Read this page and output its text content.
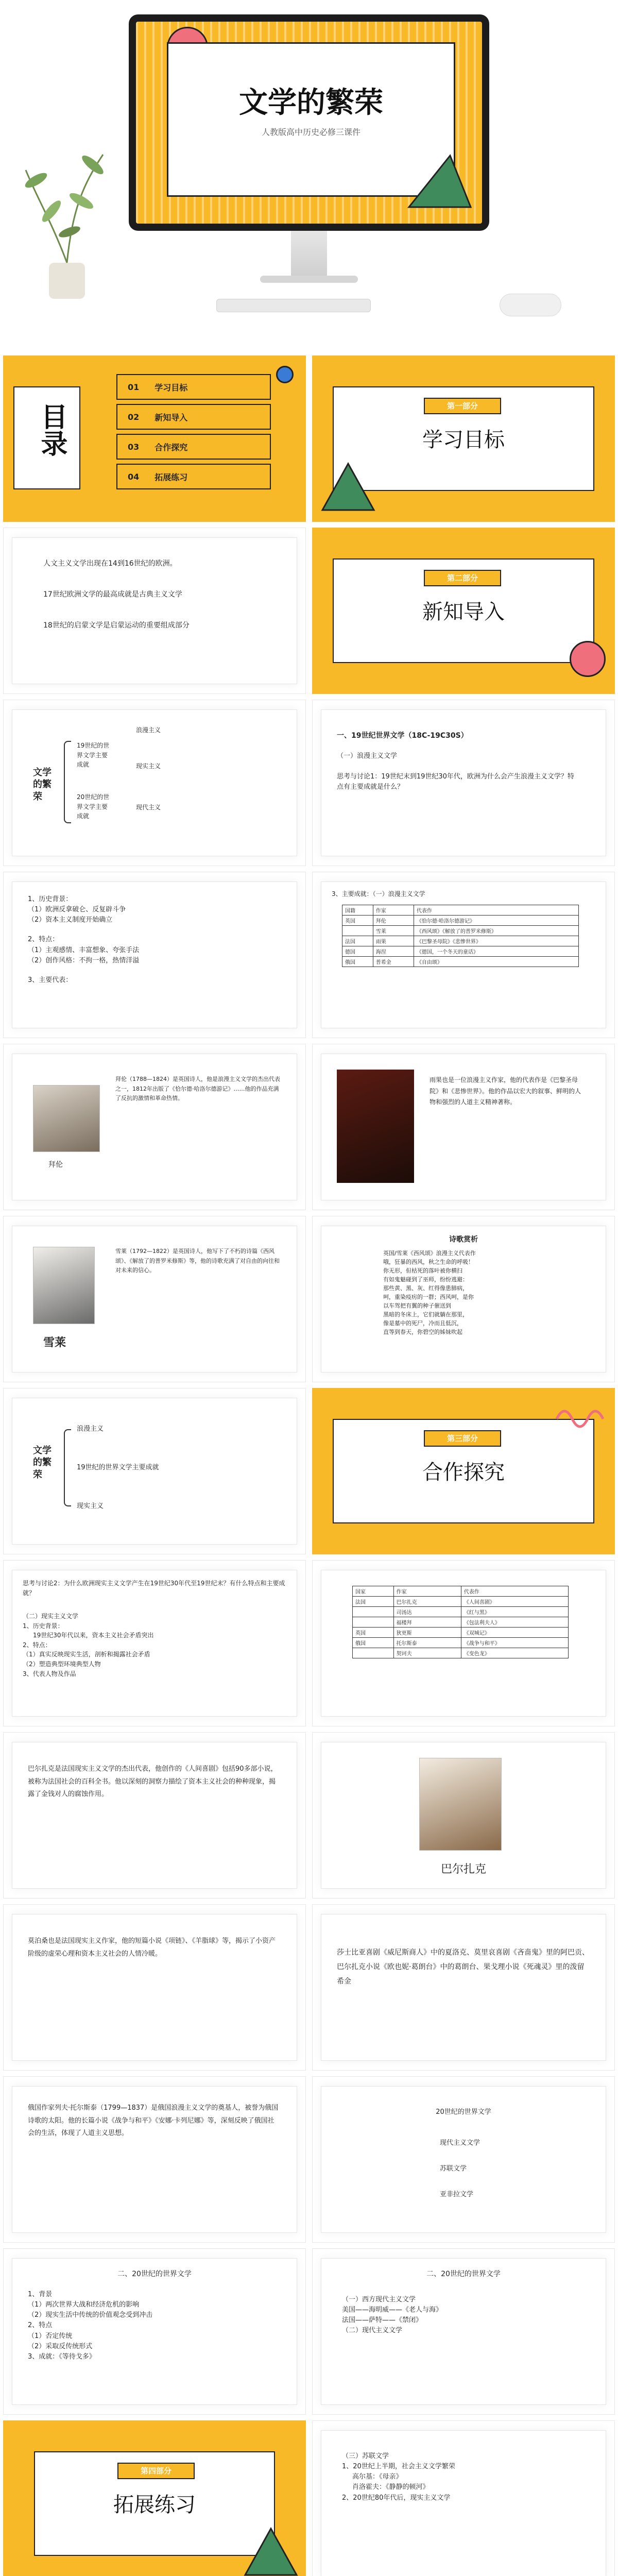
文学的繁荣
人教版高中历史必修三课件
目录
01 学习目标
02 新知导入
03 合作探究
04 拓展练习
第一部分
学习目标
人文主义文学出现在14到16世纪的欧洲。
17世纪欧洲文学的最高成就是古典主义文学
18世纪的启蒙文学是启蒙运动的重要组成部分
第二部分
新知导入
文学的繁荣
19世纪的世界文学主要成就
20世纪的世界文学主要成就
浪漫主义
现实主义
现代主义
一、19世纪世界文学（18C-19C30S）
（一）浪漫主义文学
思考与讨论1：19世纪末到19世纪30年代，欧洲为什么会产生浪漫主义文学？特点有主要成就是什么？
1、历史背景：
（1）欧洲反拿破仑、反复辟斗争
（2）资本主义制度开始确立
2、特点：
（1）主观感情、丰富想象、夸张手法
（2）创作风格：不拘一格，热情洋溢
3、主要代表：
3、主要成就：（一）浪漫主义文学
国籍	作家	代表作
英国	拜伦	《恰尔德·哈洛尔德游记》
	雪莱	《西风颂》《解放了的普罗米修斯》
法国	雨果	《巴黎圣母院》《悲惨世界》
德国	海涅	《德国，一个冬天的童话》
俄国	普希金	《自由颂》
拜伦
拜伦（1788—1824）是英国诗人，他是浪漫主义文学的杰出代表之一，1812年出版了《恰尔德·哈洛尔德游记》……他的作品充满了反抗的激情和革命热情。
雨果也是一位浪漫主义作家，他的代表作是《巴黎圣母院》和《悲惨世界》。他的作品以宏大的叙事、鲜明的人物和强烈的人道主义精神著称。
雪莱
雪莱（1792—1822）是英国诗人，他写下了不朽的诗篇《西风颂》、《解放了的普罗米修斯》等，他的诗歌充满了对自由的向往和对未来的信心。
诗歌赏析
英国/雪莱《西风颂》浪漫主义代表作
哦，狂暴的西风，秋之生命的呼吸！
你无形，但枯死的落叶被你横扫
有如鬼魅碰到了巫师，纷纷逃避：
那些黄、黑、灰、红得像患肺病，
呵，重染疫疠的一群；西风呵，是你
以车驾把有翼的种子催送到
黑暗的冬床上，它们就躺在那里，
像是墓中的死尸，冷而且低沉，
直等到春天，你碧空的姊妹吹起
文学的繁荣
浪漫主义
19世纪的世界文学主要成就
现实主义
第三部分
合作探究
思考与讨论2：为什么欧洲现实主义文学产生在19世纪30年代至19世纪末？有什么特点和主要成就？
（二）现实主义文学
1、历史背景：
19世纪30年代以来，资本主义社会矛盾突出
2、特点：
（1）真实反映现实生活，剖析和揭露社会矛盾
（2）塑造典型环境典型人物
3、代表人物及作品
国家	作家	代表作
法国	巴尔扎克	《人间喜剧》
	司汤达	《红与黑》
	福楼拜	《包法利夫人》
英国	狄更斯	《双城记》
俄国	托尔斯泰	《战争与和平》
	契诃夫	《变色龙》
巴尔扎克是法国现实主义文学的杰出代表，他创作的《人间喜剧》包括90多部小说，被称为法国社会的百科全书。他以深刻的洞察力描绘了资本主义社会的种种现象，揭露了金钱对人的腐蚀作用。
巴尔扎克
莫泊桑也是法国现实主义作家，他的短篇小说《项链》、《羊脂球》等，揭示了小资产阶级的虚荣心理和资本主义社会的人情冷暖。	莎士比亚喜剧《威尼斯商人》中的夏洛克、莫里哀喜剧《吝啬鬼》里的阿巴贡、巴尔扎克小说《欧也妮·葛朗台》中的葛朗台、果戈理小说《死魂灵》里的泼留希金
俄国作家列夫·托尔斯泰（1799—1837）是俄国浪漫主义文学的奠基人，被誉为俄国诗歌的太阳。他的长篇小说《战争与和平》《安娜·卡列尼娜》等，深刻反映了俄国社会的生活，体现了人道主义思想。
20世纪的世界文学
现代主义文学
苏联文学
亚非拉文学
二、20世纪的世界文学
1、背景
（1）两次世界大战和经济危机的影响
（2）现实生活中传统的价值观念受到冲击
2、特点
（1）否定传统
（2）采取反传统形式
3、成就：《等待戈多》
二、20世纪的世界文学
（一）西方现代主义文学
美国——海明威——《老人与海》
法国——萨特——《禁闭》
（二）现代主义文学
第四部分
拓展练习
（三）苏联文学
1、20世纪上半期，社会主义文学繁荣
高尔基：《母亲》
肖洛霍夫：《静静的顿河》
2、20世纪80年代后，现实主义文学
